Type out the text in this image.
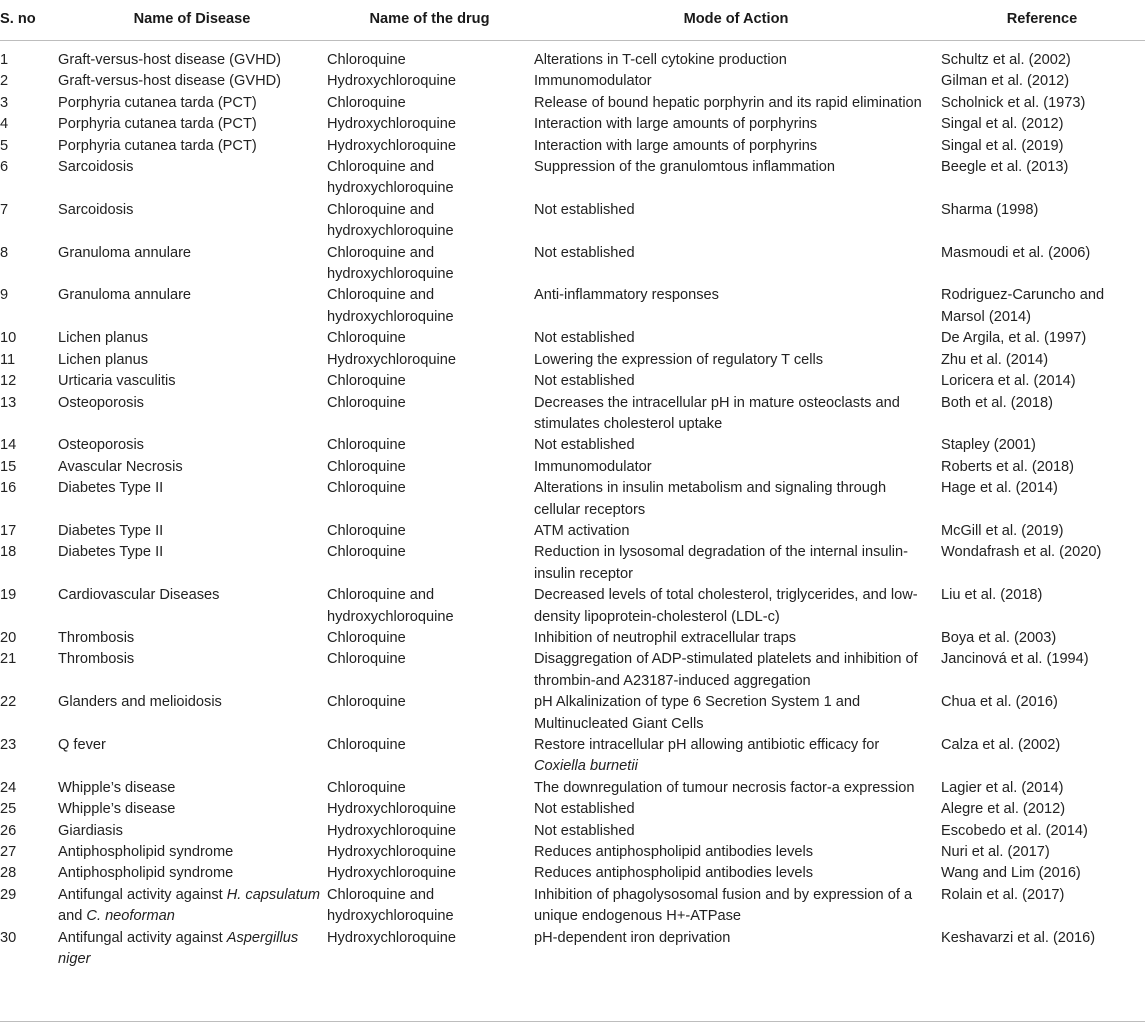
S. no	Name of Disease	Name of the drug	Mode of Action	Reference
1	Graft-versus-host disease (GVHD)	Chloroquine	Alterations in T-cell cytokine production	Schultz et al. (2002)
2	Graft-versus-host disease (GVHD)	Hydroxychloroquine	Immunomodulator	Gilman et al. (2012)
3	Porphyria cutanea tarda (PCT)	Chloroquine	Release of bound hepatic porphyrin and its rapid elimination	Scholnick et al. (1973)
4	Porphyria cutanea tarda (PCT)	Hydroxychloroquine	Interaction with large amounts of porphyrins	Singal et al. (2012)
5	Porphyria cutanea tarda (PCT)	Hydroxychloroquine	Interaction with large amounts of porphyrins	Singal et al. (2019)
6	Sarcoidosis	Chloroquine and hydroxychloroquine	Suppression of the granulomtous inflammation	Beegle et al. (2013)
7	Sarcoidosis	Chloroquine and hydroxychloroquine	Not established	Sharma (1998)
8	Granuloma annulare	Chloroquine and hydroxychloroquine	Not established	Masmoudi et al. (2006)
9	Granuloma annulare	Chloroquine and hydroxychloroquine	Anti-inflammatory responses	Rodriguez-Caruncho and Marsol (2014)
10	Lichen planus	Chloroquine	Not established	De Argila, et al. (1997)
11	Lichen planus	Hydroxychloroquine	Lowering the expression of regulatory T cells	Zhu et al. (2014)
12	Urticaria vasculitis	Chloroquine	Not established	Loricera et al. (2014)
13	Osteoporosis	Chloroquine	Decreases the intracellular pH in mature osteoclasts and stimulates cholesterol uptake	Both et al. (2018)
14	Osteoporosis	Chloroquine	Not established	Stapley (2001)
15	Avascular Necrosis	Chloroquine	Immunomodulator	Roberts et al. (2018)
16	Diabetes Type II	Chloroquine	Alterations in insulin metabolism and signaling through cellular receptors	Hage et al. (2014)
17	Diabetes Type II	Chloroquine	ATM activation	McGill et al. (2019)
18	Diabetes Type II	Chloroquine	Reduction in lysosomal degradation of the internal insulin-insulin receptor	Wondafrash et al. (2020)
19	Cardiovascular Diseases	Chloroquine and hydroxychloroquine	Decreased levels of total cholesterol, triglycerides, and low-density lipoprotein-cholesterol (LDL-c)	Liu et al. (2018)
20	Thrombosis	Chloroquine	Inhibition of neutrophil extracellular traps	Boya et al. (2003)
21	Thrombosis	Chloroquine	Disaggregation of ADP-stimulated platelets and inhibition of thrombin-and A23187-induced aggregation	Jancinová et al. (1994)
22	Glanders and melioidosis	Chloroquine	pH Alkalinization of type 6 Secretion System 1 and Multinucleated Giant Cells	Chua et al. (2016)
23	Q fever	Chloroquine	Restore intracellular pH allowing antibiotic efficacy for Coxiella burnetii	Calza et al. (2002)
24	Whipple’s disease	Chloroquine	The downregulation of tumour necrosis factor-a expression	Lagier et al. (2014)
25	Whipple’s disease	Hydroxychloroquine	Not established	Alegre et al. (2012)
26	Giardiasis	Hydroxychloroquine	Not established	Escobedo et al. (2014)
27	Antiphospholipid syndrome	Hydroxychloroquine	Reduces antiphospholipid antibodies levels	Nuri et al. (2017)
28	Antiphospholipid syndrome	Hydroxychloroquine	Reduces antiphospholipid antibodies levels	Wang and Lim (2016)
29	Antifungal activity against H. capsulatum and C. neoforman	Chloroquine and hydroxychloroquine	Inhibition of phagolysosomal fusion and by expression of a unique endogenous H+-ATPase	Rolain et al. (2017)
30	Antifungal activity against Aspergillus niger	Hydroxychloroquine	pH-dependent iron deprivation	Keshavarzi et al. (2016)
